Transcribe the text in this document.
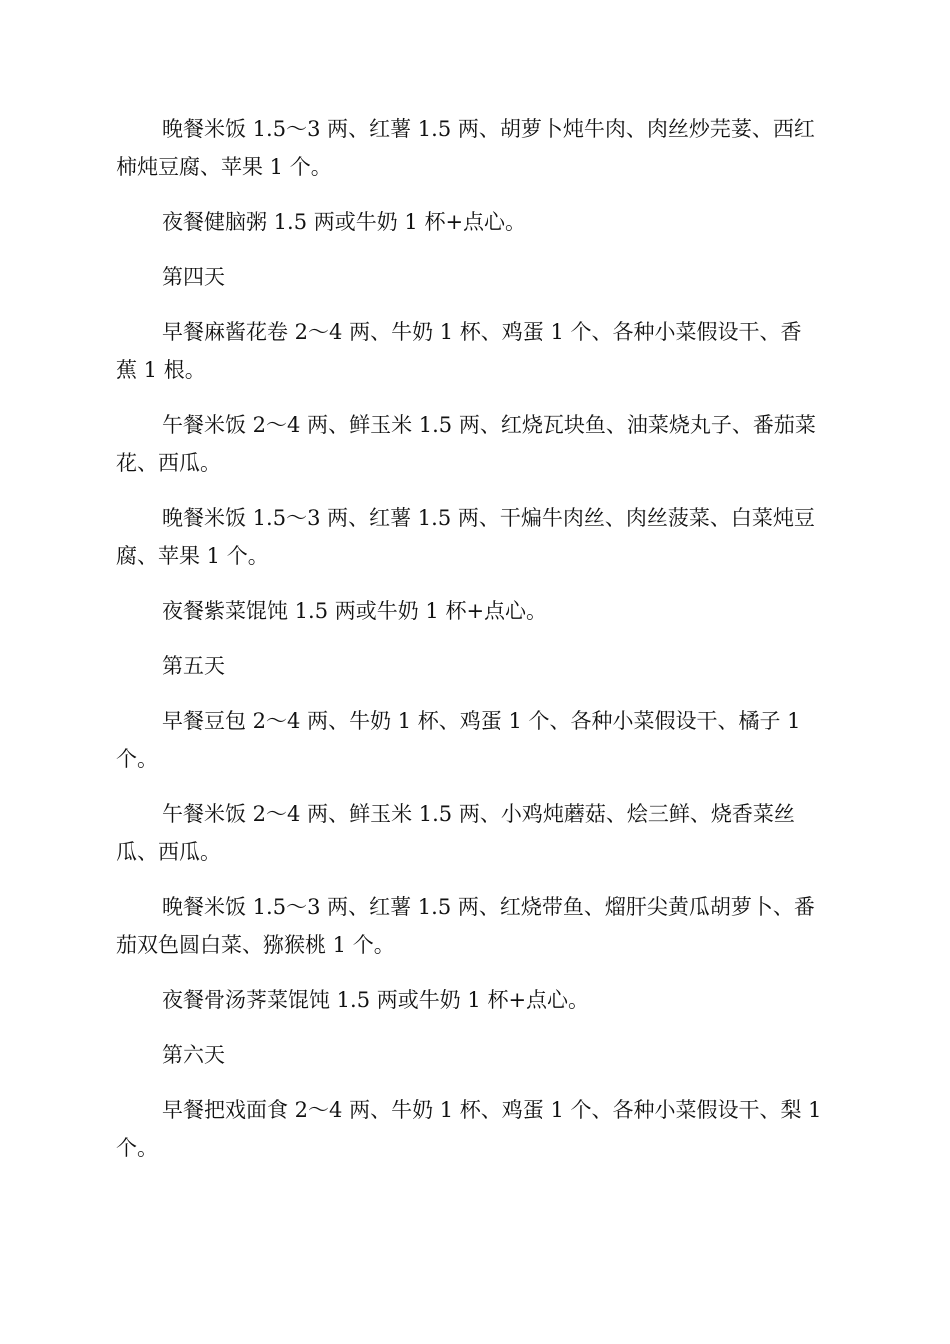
晚餐米饭 1.5～3 两、红薯 1.5 两、胡萝卜炖牛肉、肉丝炒芫荽、西红柿炖豆腐、苹果 1 个。

夜餐健脑粥 1.5 两或牛奶 1 杯+点心。

第四天

早餐麻酱花卷 2～4 两、牛奶 1 杯、鸡蛋 1 个、各种小菜假设干、香蕉 1 根。

午餐米饭 2～4 两、鲜玉米 1.5 两、红烧瓦块鱼、油菜烧丸子、番茄菜花、西瓜。

晚餐米饭 1.5～3 两、红薯 1.5 两、干煸牛肉丝、肉丝菠菜、白菜炖豆腐、苹果 1 个。

夜餐紫菜馄饨 1.5 两或牛奶 1 杯+点心。

第五天

早餐豆包 2～4 两、牛奶 1 杯、鸡蛋 1 个、各种小菜假设干、橘子 1 个。

午餐米饭 2～4 两、鲜玉米 1.5 两、小鸡炖蘑菇、烩三鲜、烧香菜丝瓜、西瓜。

晚餐米饭 1.5～3 两、红薯 1.5 两、红烧带鱼、熘肝尖黄瓜胡萝卜、番茄双色圆白菜、猕猴桃 1 个。

夜餐骨汤荠菜馄饨 1.5 两或牛奶 1 杯+点心。

第六天

早餐把戏面食 2～4 两、牛奶 1 杯、鸡蛋 1 个、各种小菜假设干、梨 1 个。
